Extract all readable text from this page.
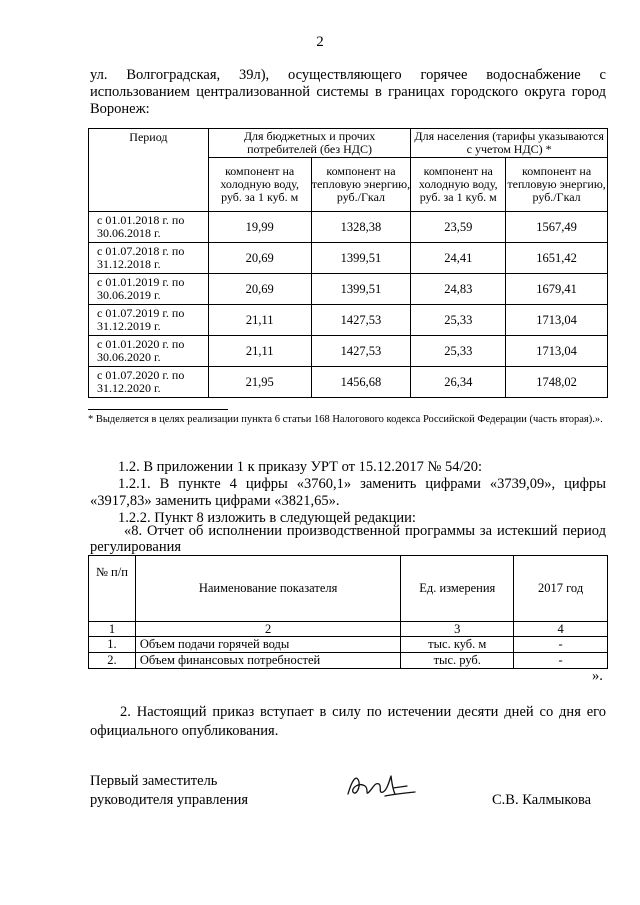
2
ул. Волгоградская, 39л), осуществляющего горячее водоснабжение с использованием централизованной системы в границах городского округа город Воронеж:
Период	Для бюджетных и прочих потребителей (без НДС)		Для населения (тарифы указываются с учетом НДС) *	
	компонент на холодную воду, руб. за 1 куб. м	компонент на тепловую энергию, руб./Гкал	компонент на холодную воду, руб. за 1 куб. м	компонент на тепловую энергию, руб./Гкал
с 01.01.2018 г. по 30.06.2018 г.	19,99	1328,38	23,59	1567,49
с 01.07.2018 г. по 31.12.2018 г.	20,69	1399,51	24,41	1651,42
с 01.01.2019 г. по 30.06.2019 г.	20,69	1399,51	24,83	1679,41
с 01.07.2019 г. по 31.12.2019 г.	21,11	1427,53	25,33	1713,04
с 01.01.2020 г. по 30.06.2020 г.	21,11	1427,53	25,33	1713,04
с 01.07.2020 г. по 31.12.2020 г.	21,95	1456,68	26,34	1748,02
* Выделяется в целях реализации пункта 6 статьи 168 Налогового кодекса Российской Федерации (часть вторая).».
1.2. В приложении 1 к приказу УРТ от 15.12.2017 № 54/20:
1.2.1. В пункте 4 цифры «3760,1» заменить цифрами «3739,09», цифры «3917,83» заменить цифрами «3821,65».
1.2.2. Пункт 8 изложить в следующей редакции:
«8. Отчет об исполнении производственной программы за истекший период регулирования
№ п/п	Наименование показателя	Ед. измерения	2017 год
1	2	3	4
1.	Объем подачи горячей воды	тыс. куб. м	-
2.	Объем финансовых потребностей	тыс. руб.	-
».
2. Настоящий приказ вступает в силу по истечении десяти дней со дня его официального опубликования.
Первый заместитель
руководителя управления	С.В. Калмыкова
